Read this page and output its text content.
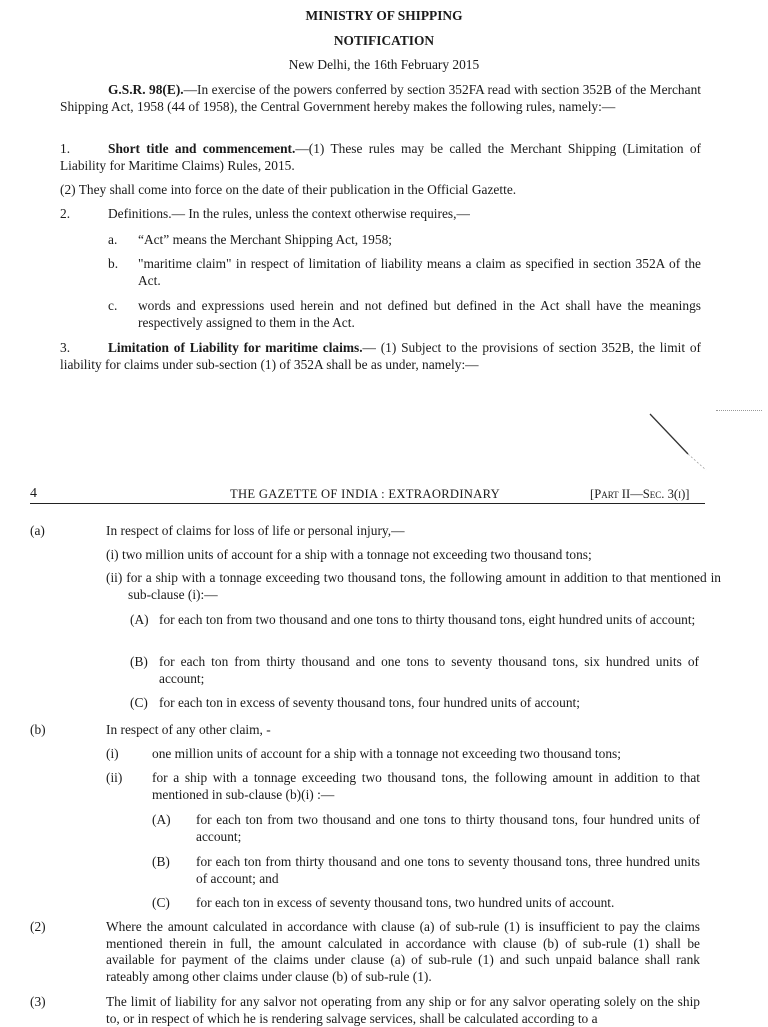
MINISTRY OF SHIPPING
NOTIFICATION
New Delhi, the 16th February 2015
G.S.R. 98(E).—In exercise of the powers conferred by section 352FA read with section 352B of the Merchant Shipping Act, 1958 (44 of 1958), the Central Government hereby makes the following rules, namely:—
1.	Short title and commencement.—(1) These rules may be called the Merchant Shipping (Limitation of Liability for Maritime Claims) Rules, 2015.
(2) They shall come into force on the date of their publication in the Official Gazette.
2.	Definitions.— In the rules, unless the context otherwise requires,—
a. “Act” means the Merchant Shipping Act, 1958;
b. "maritime claim" in respect of limitation of liability means a claim as specified in section 352A of the Act.
c. words and expressions used herein and not defined but defined in the Act shall have the meanings respectively assigned to them in the Act.
3.	Limitation of Liability for maritime claims.— (1) Subject to the provisions of section 352B, the limit of liability for claims under sub-section (1) of 352A shall be as under, namely:—
4	THE GAZETTE OF INDIA : EXTRAORDINARY	[Part II—Sec. 3(i)]
(a)	In respect of claims for loss of life or personal injury,—
(i) two million units of account for a ship with a tonnage not exceeding two thousand tons;
(ii) for a ship with a tonnage exceeding two thousand tons, the following amount in addition to that mentioned in sub-clause (i):—
(A) for each ton from two thousand and one tons to thirty thousand tons, eight hundred units of account;
(B) for each ton from thirty thousand and one tons to seventy thousand tons, six hundred units of account;
(C) for each ton in excess of seventy thousand tons, four hundred units of account;
(b)	In respect of any other claim, -
(i) one million units of account for a ship with a tonnage not exceeding two thousand tons;
(ii) for a ship with a tonnage exceeding two thousand tons, the following amount in addition to that mentioned in sub-clause (b)(i) :—
(A) for each ton from two thousand and one tons to thirty thousand tons, four hundred units of account;
(B) for each ton from thirty thousand and one tons to seventy thousand tons, three hundred units of account; and
(C) for each ton in excess of seventy thousand tons, two hundred units of account.
(2)	Where the amount calculated in accordance with clause (a) of sub-rule (1) is insufficient to pay the claims mentioned therein in full, the amount calculated in accordance with clause (b) of sub-rule (1) shall be available for payment of the claims under clause (a) of sub-rule (1) and such unpaid balance shall rank rateably among other claims under clause (b) of sub-rule (1).
(3)	The limit of liability for any salvor not operating from any ship or for any salvor operating solely on the ship to, or in respect of which he is rendering salvage services, shall be calculated according to a
